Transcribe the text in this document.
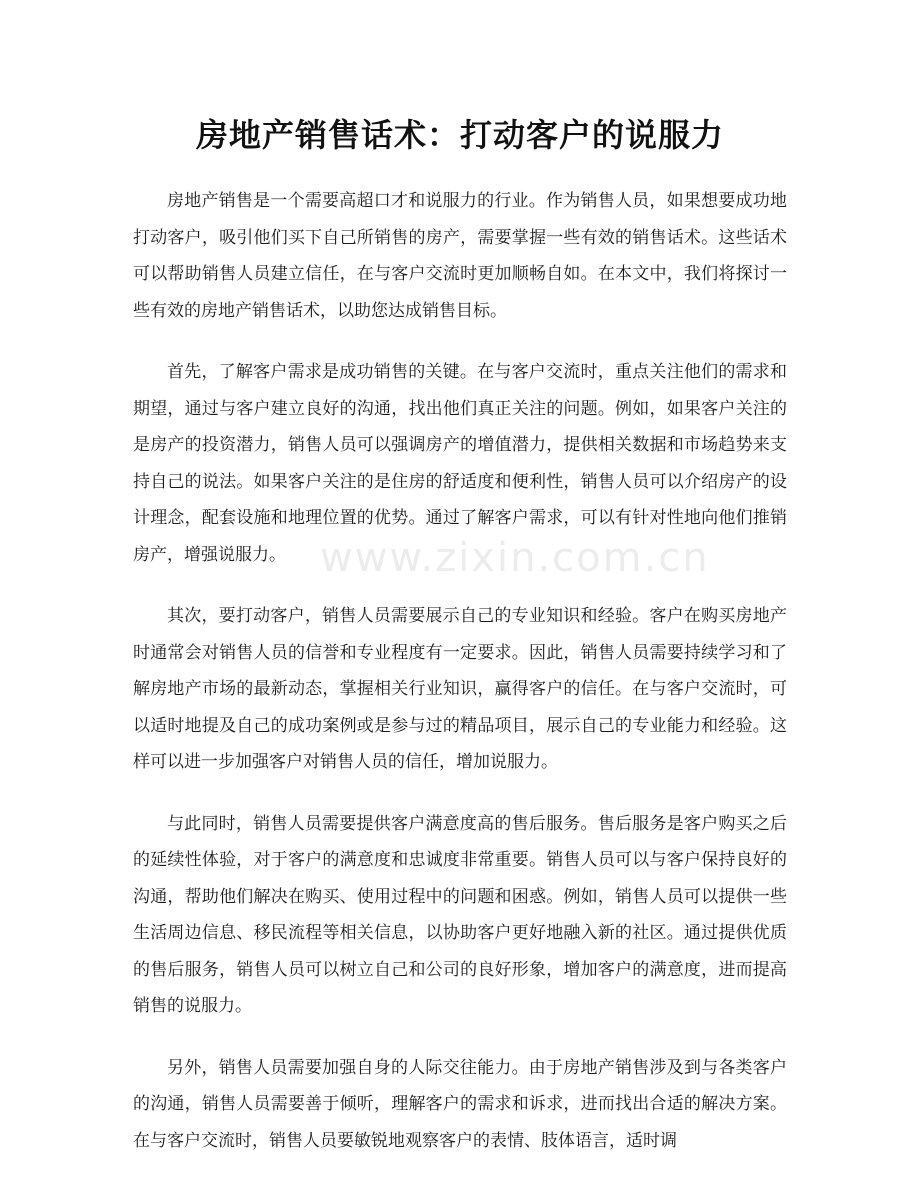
房地产销售话术：打动客户的说服力
www.zixin.com.cn

房地产销售是一个需要高超口才和说服力的行业。作为销售人员，如果想要成功地打动客户，吸引他们买下自己所销售的房产，需要掌握一些有效的销售话术。这些话术可以帮助销售人员建立信任，在与客户交流时更加顺畅自如。在本文中，我们将探讨一些有效的房地产销售话术，以助您达成销售目标。

首先，了解客户需求是成功销售的关键。在与客户交流时，重点关注他们的需求和期望，通过与客户建立良好的沟通，找出他们真正关注的问题。例如，如果客户关注的是房产的投资潜力，销售人员可以强调房产的增值潜力，提供相关数据和市场趋势来支持自己的说法。如果客户关注的是住房的舒适度和便利性，销售人员可以介绍房产的设计理念，配套设施和地理位置的优势。通过了解客户需求，可以有针对性地向他们推销房产，增强说服力。

其次，要打动客户，销售人员需要展示自己的专业知识和经验。客户在购买房地产时通常会对销售人员的信誉和专业程度有一定要求。因此，销售人员需要持续学习和了解房地产市场的最新动态，掌握相关行业知识，赢得客户的信任。在与客户交流时，可以适时地提及自己的成功案例或是参与过的精品项目，展示自己的专业能力和经验。这样可以进一步加强客户对销售人员的信任，增加说服力。

与此同时，销售人员需要提供客户满意度高的售后服务。售后服务是客户购买之后的延续性体验，对于客户的满意度和忠诚度非常重要。销售人员可以与客户保持良好的沟通，帮助他们解决在购买、使用过程中的问题和困惑。例如，销售人员可以提供一些生活周边信息、移民流程等相关信息，以协助客户更好地融入新的社区。通过提供优质的售后服务，销售人员可以树立自己和公司的良好形象，增加客户的满意度，进而提高销售的说服力。

另外，销售人员需要加强自身的人际交往能力。由于房地产销售涉及到与各类客户的沟通，销售人员需要善于倾听，理解客户的需求和诉求，进而找出合适的解决方案。在与客户交流时，销售人员要敏锐地观察客户的表情、肢体语言，适时调
